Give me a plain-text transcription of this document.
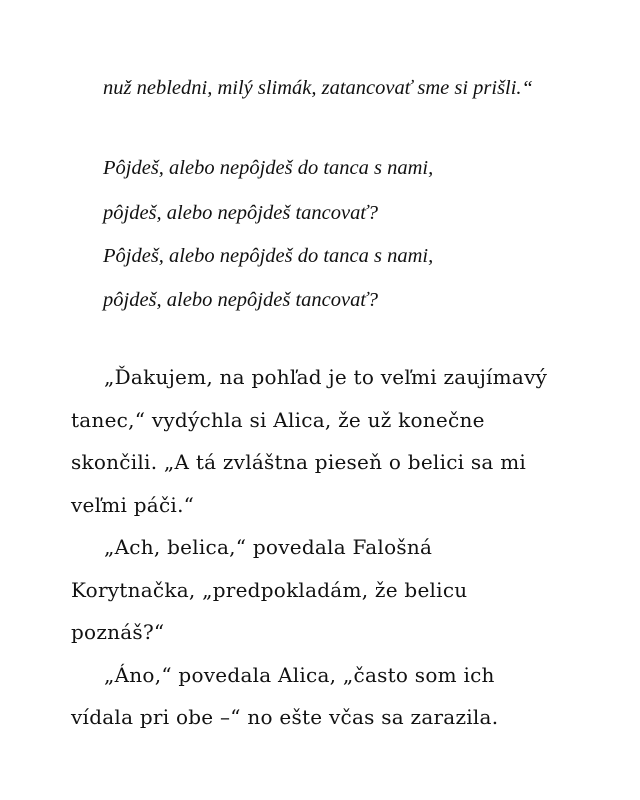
nuž nebledni, milý slimák, zatancovať sme si prišli.“
Pôjdeš, alebo nepôjdeš do tanca s nami,
pôjdeš, alebo nepôjdeš tancovať?
Pôjdeš, alebo nepôjdeš do tanca s nami,
pôjdeš, alebo nepôjdeš tancovať?
„Ďakujem, na pohľad je to veľmi zaujímavý
tanec,“ vydýchla si Alica, že už konečne
skončili. „A tá zvláštna pieseň o belici sa mi
veľmi páči.“
„Ach, belica,“ povedala Falošná
Korytnačka, „predpokladám, že belicu
poznáš?“
„Áno,“ povedala Alica, „často som ich
vídala pri obe –“ no ešte včas sa zarazila.
